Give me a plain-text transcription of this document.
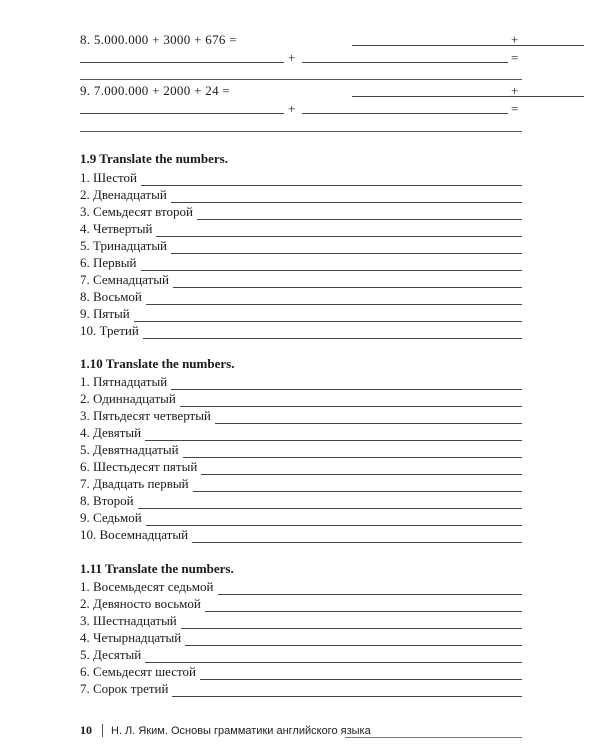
8. 5.000.000 + 3000 + 676 =	+
+	=
9. 7.000.000 + 2000 + 24 =	+
+	=
1.9 Translate the numbers.
1. Шестой
2. Двенадцатый
3. Семьдесят второй
4. Четвертый
5. Тринадцатый
6. Первый
7. Семнадцатый
8. Восьмой
9. Пятый
10. Третий
1.10 Translate the numbers.
1. Пятнадцатый
2. Одиннадцатый
3. Пятьдесят четвертый
4. Девятый
5. Девятнадцатый
6. Шестьдесят пятый
7. Двадцать первый
8. Второй
9. Седьмой
10. Восемнадцатый
1.11 Translate the numbers.
1. Восемьдесят седьмой
2. Девяносто восьмой
3. Шестнадцатый
4. Четырнадцатый
5. Десятый
6. Семьдесят шестой
7. Сорок третий
10 Н. Л. Яким. Основы грамматики английского языка
